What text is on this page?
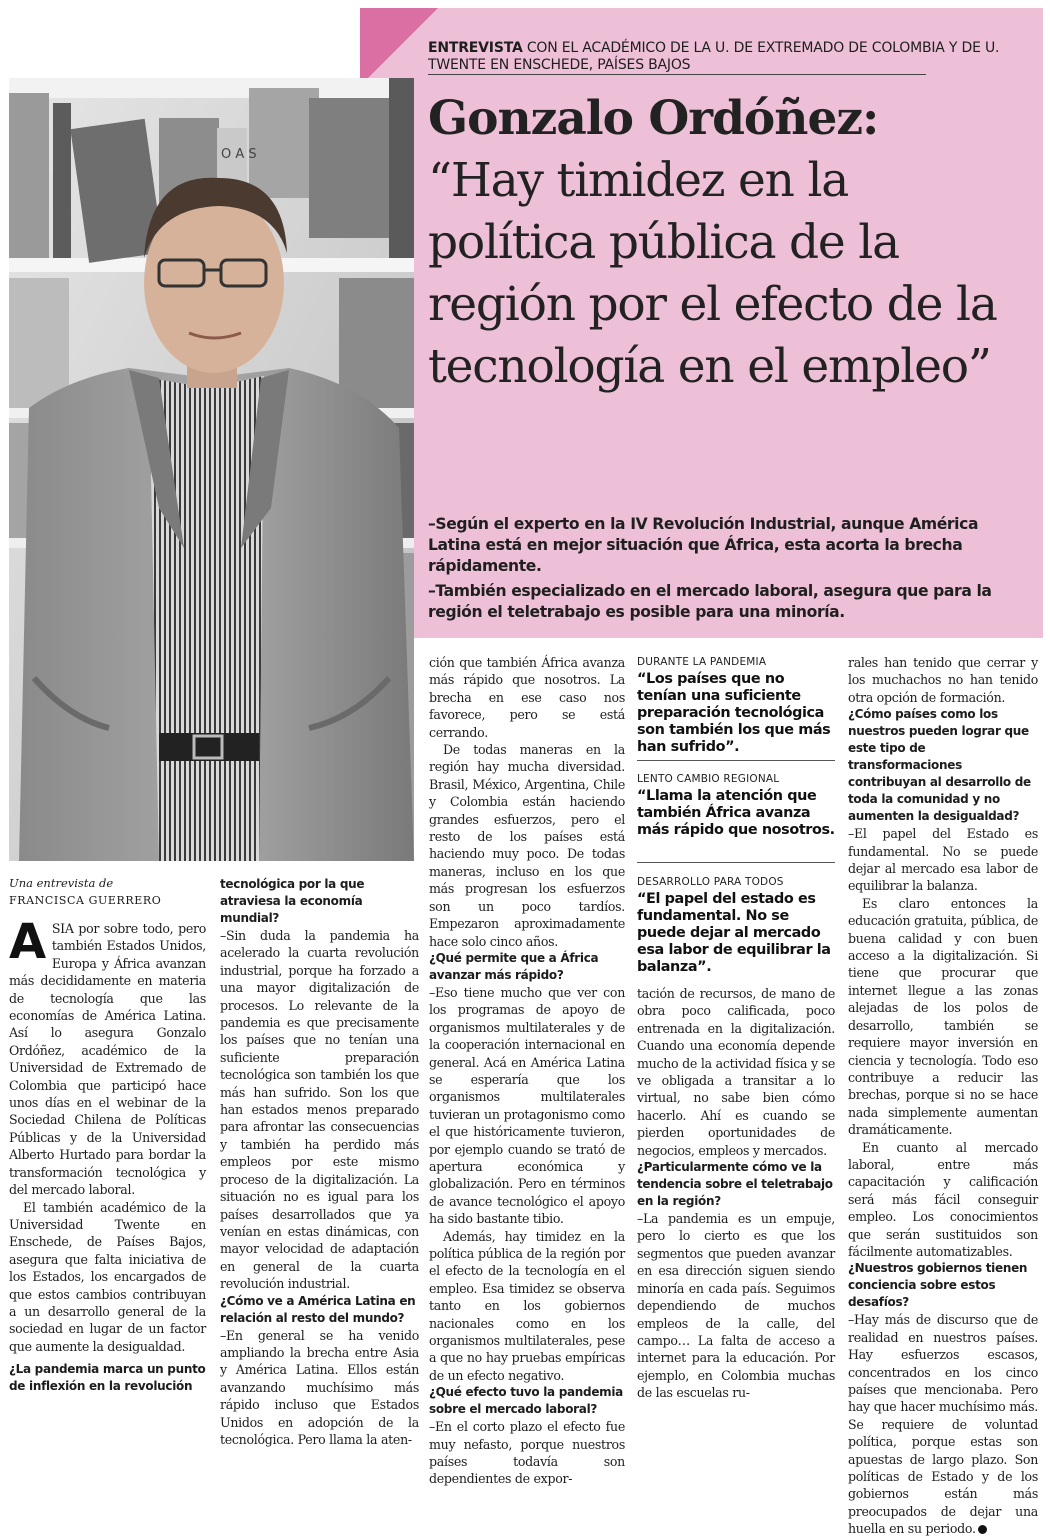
ENTREVISTA CON EL ACADÉMICO DE LA U. DE EXTREMADO DE COLOMBIA Y DE U. TWENTE EN ENSCHEDE, PAÍSES BAJOS
Gonzalo Ordóñez:
“Hay timidez en la política pública de la región por el efecto de la tecnología en el empleo”

–Según el experto en la IV Revolución Industrial, aunque América Latina está en mejor situación que África, esta acorta la brecha rápidamente.

–También especializado en el mercado laboral, asegura que para la región el teletrabajo es posible para una minoría.

O A S
Una entrevista de
FRANCISCA GUERRERO

ASIA por sobre todo, pero también Estados Unidos, Europa y África avanzan más decididamente en materia de tecnología que las economías de América Latina. Así lo asegura Gonzalo Ordóñez, académico de la Universidad de Extremado de Colombia que participó hace unos días en el webinar de la Sociedad Chilena de Políticas Públicas y de la Universidad Alberto Hurtado para bordar la transformación tecnológica y del mercado laboral.

El también académico de la Universidad Twente en Enschede, de Países Bajos, asegura que falta iniciativa de los Estados, los encargados de que estos cambios contribuyan a un desarrollo general de la sociedad en lugar de un factor que aumente la desigualdad.

¿La pandemia marca un punto de inflexión en la revolución

tecnológica por la que atraviesa la economía mundial?

–Sin duda la pandemia ha acelerado la cuarta revolución industrial, porque ha forzado a una mayor digitalización de procesos. Lo relevante de la pandemia es que precisamente los países que no tenían una suficiente preparación tecnológica son también los que más han sufrido. Son los que han estados menos preparado para afrontar las consecuencias y también ha perdido más empleos por este mismo proceso de la digitalización. La situación no es igual para los países desarrollados que ya venían en estas dinámicas, con mayor velocidad de adaptación en general de la cuarta revolución industrial.

¿Cómo ve a América Latina en relación al resto del mundo?

–En general se ha venido ampliando la brecha entre Asia y América Latina. Ellos están avanzando muchísimo más rápido incluso que Estados Unidos en adopción de la tecnológica. Pero llama la aten-

ción que también África avanza más rápido que nosotros. La brecha en ese caso nos favorece, pero se está cerrando.

De todas maneras en la región hay mucha diversidad. Brasil, México, Argentina, Chile y Colombia están haciendo grandes esfuerzos, pero el resto de los países está haciendo muy poco. De todas maneras, incluso en los que más progresan los esfuerzos son un poco tardíos. Empezaron aproximadamente hace solo cinco años.

¿Qué permite que a África avanzar más rápido?

–Eso tiene mucho que ver con los programas de apoyo de organismos multilaterales y de la cooperación internacional en general. Acá en América Latina se esperaría que los organismos multilaterales tuvieran un protagonismo como el que históricamente tuvieron, por ejemplo cuando se trató de apertura económica y globalización. Pero en términos de avance tecnológico el apoyo ha sido bastante tibio.

Además, hay timidez en la política pública de la región por el efecto de la tecnología en el empleo. Esa timidez se observa tanto en los gobiernos nacionales como en los organismos multilaterales, pese a que no hay pruebas empíricas de un efecto negativo.

¿Qué efecto tuvo la pandemia sobre el mercado laboral?

–En el corto plazo el efecto fue muy nefasto, porque nuestros países todavía son dependientes de expor-

DURANTE LA PANDEMIA
“Los países que no tenían una suficiente preparación tecnológica son también los que más han sufrido”.
LENTO CAMBIO REGIONAL
“Llama la atención que también África avanza más rápido que nosotros.
DESARROLLO PARA TODOS
“El papel del estado es fundamental. No se puede dejar al mercado esa labor de equilibrar la balanza”.

tación de recursos, de mano de obra poco calificada, poco entrenada en la digitalización. Cuando una economía depende mucho de la actividad física y se ve obligada a transitar a lo virtual, no sabe bien cómo hacerlo. Ahí es cuando se pierden oportunidades de negocios, empleos y mercados.

¿Particularmente cómo ve la tendencia sobre el teletrabajo en la región?

–La pandemia es un empuje, pero lo cierto es que los segmentos que pueden avanzar en esa dirección siguen siendo minoría en cada país. Seguimos dependiendo de muchos empleos de la calle, del campo… La falta de acceso a internet para la educación. Por ejemplo, en Colombia muchas de las escuelas ru-

rales han tenido que cerrar y los muchachos no han tenido otra opción de formación.

¿Cómo países como los nuestros pueden lograr que este tipo de transformaciones contribuyan al desarrollo de toda la comunidad y no aumenten la desigualdad?

–El papel del Estado es fundamental. No se puede dejar al mercado esa labor de equilibrar la balanza.

Es claro entonces la educación gratuita, pública, de buena calidad y con buen acceso a la digitalización. Si tiene que procurar que internet llegue a las zonas alejadas de los polos de desarrollo, también se requiere mayor inversión en ciencia y tecnología. Todo eso contribuye a reducir las brechas, porque si no se hace nada simplemente aumentan dramáticamente.

En cuanto al mercado laboral, entre más capacitación y calificación será más fácil conseguir empleo. Los conocimientos que serán sustituidos son fácilmente automatizables.

¿Nuestros gobiernos tienen conciencia sobre estos desafíos?

–Hay más de discurso que de realidad en nuestros países. Hay esfuerzos escasos, concentrados en los cinco países que mencionaba. Pero hay que hacer muchísimo más. Se requiere de voluntad política, porque estas son apuestas de largo plazo. Son políticas de Estado y de los gobiernos están más preocupados de dejar una huella en su periodo.
